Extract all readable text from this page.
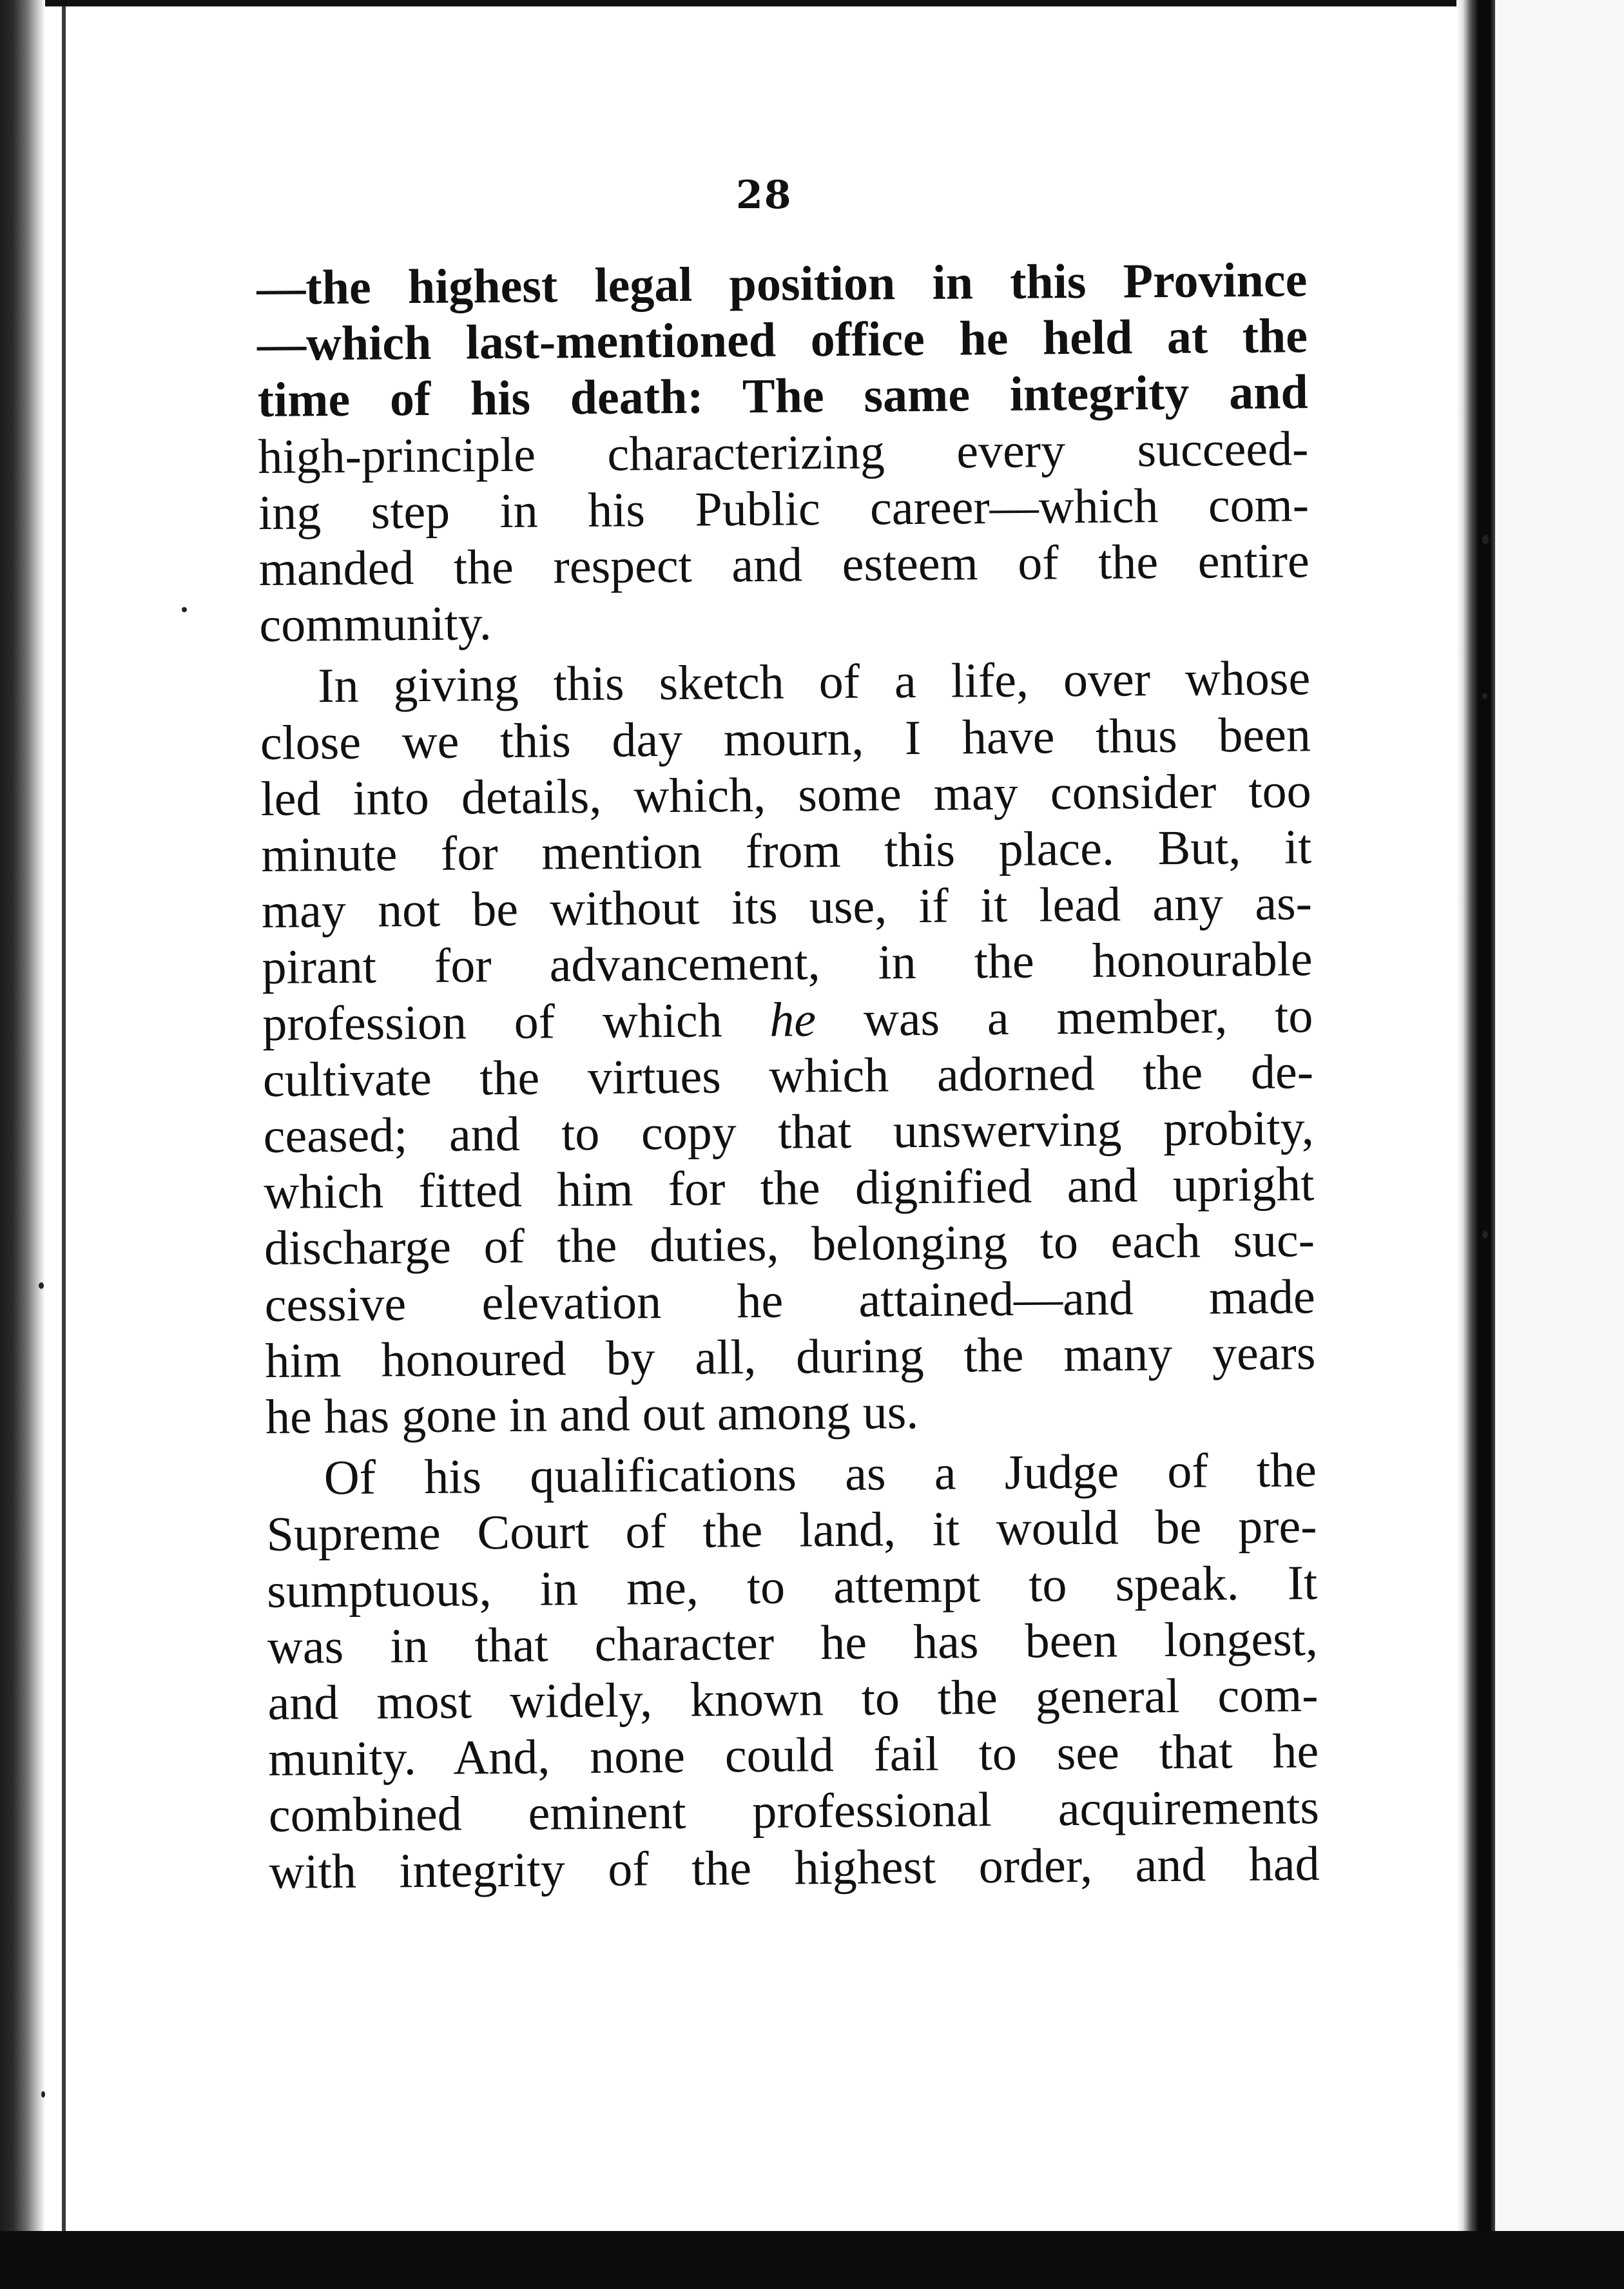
28
—the highest legal position in this Province
—which last-mentioned office he held at the
time of his death: The same integrity and
high-principle characterizing every succeed-
ing step in his Public career—which com-
manded the respect and esteem of the entire
community.
In giving this sketch of a life, over whose
close we this day mourn, I have thus been
led into details, which, some may consider too
minute for mention from this place. But, it
may not be without its use, if it lead any as-
pirant for advancement, in the honourable
profession of which he was a member, to
cultivate the virtues which adorned the de-
ceased; and to copy that unswerving probity,
which fitted him for the dignified and upright
discharge of the duties, belonging to each suc-
cessive elevation he attained—and made
him honoured by all, during the many years
he has gone in and out among us.
Of his qualifications as a Judge of the
Supreme Court of the land, it would be pre-
sumptuous, in me, to attempt to speak. It
was in that character he has been longest,
and most widely, known to the general com-
munity. And, none could fail to see that he
combined eminent professional acquirements
with integrity of the highest order, and had
